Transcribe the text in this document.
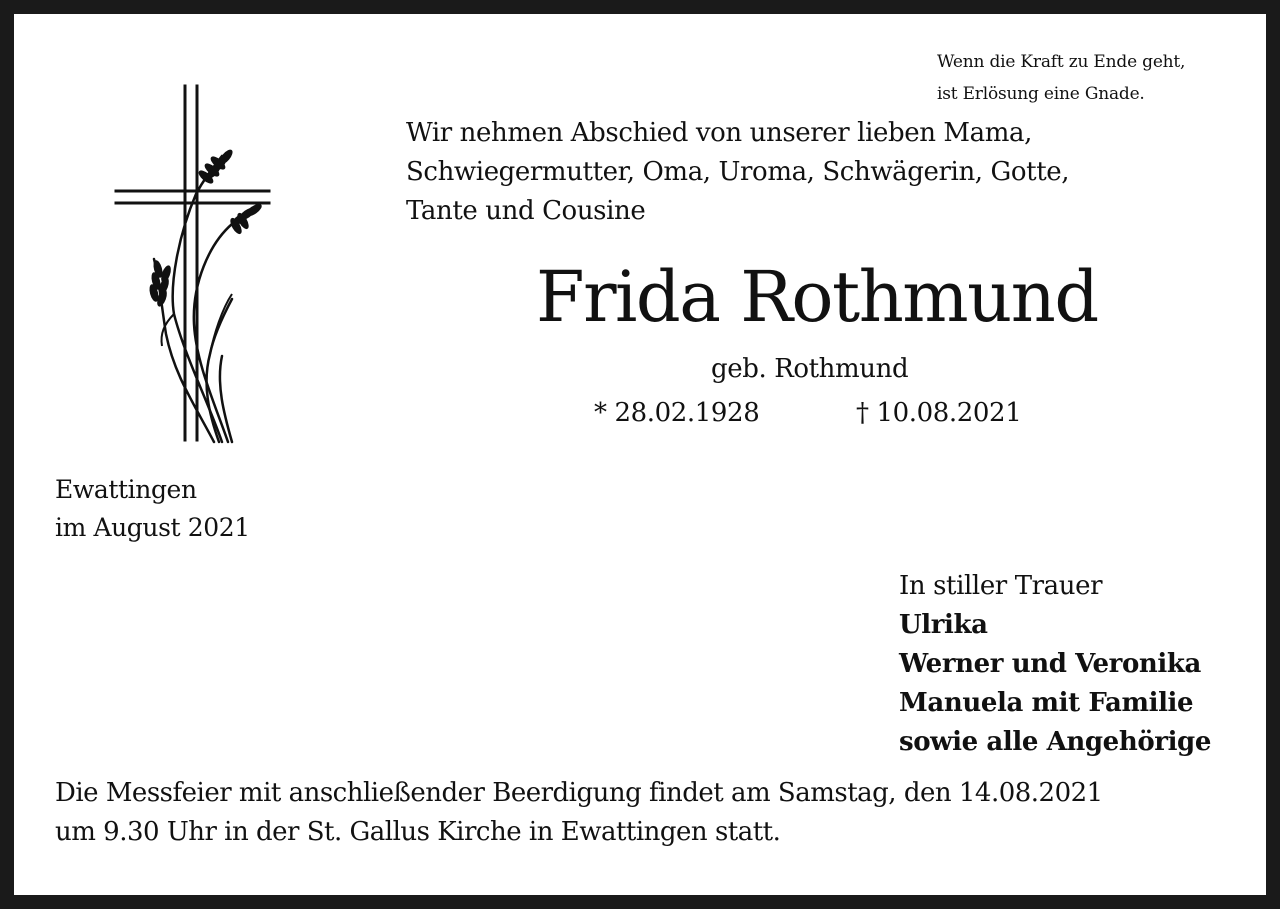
Wenn die Kraft zu Ende geht,
ist Erlösung eine Gnade.
Wir nehmen Abschied von unserer lieben Mama,
Schwiegermutter, Oma, Uroma, Schwägerin, Gotte,
Tante und Cousine
Frida Rothmund
geb. Rothmund
* 28.02.1928	† 10.08.2021
Ewattingen
im August 2021
In stiller Trauer
Ulrika
Werner und Veronika
Manuela mit Familie
sowie alle Angehörige
Die Messfeier mit anschließender Beerdigung findet am Samstag, den 14.08.2021
um 9.30 Uhr in der St. Gallus Kirche in Ewattingen statt.
